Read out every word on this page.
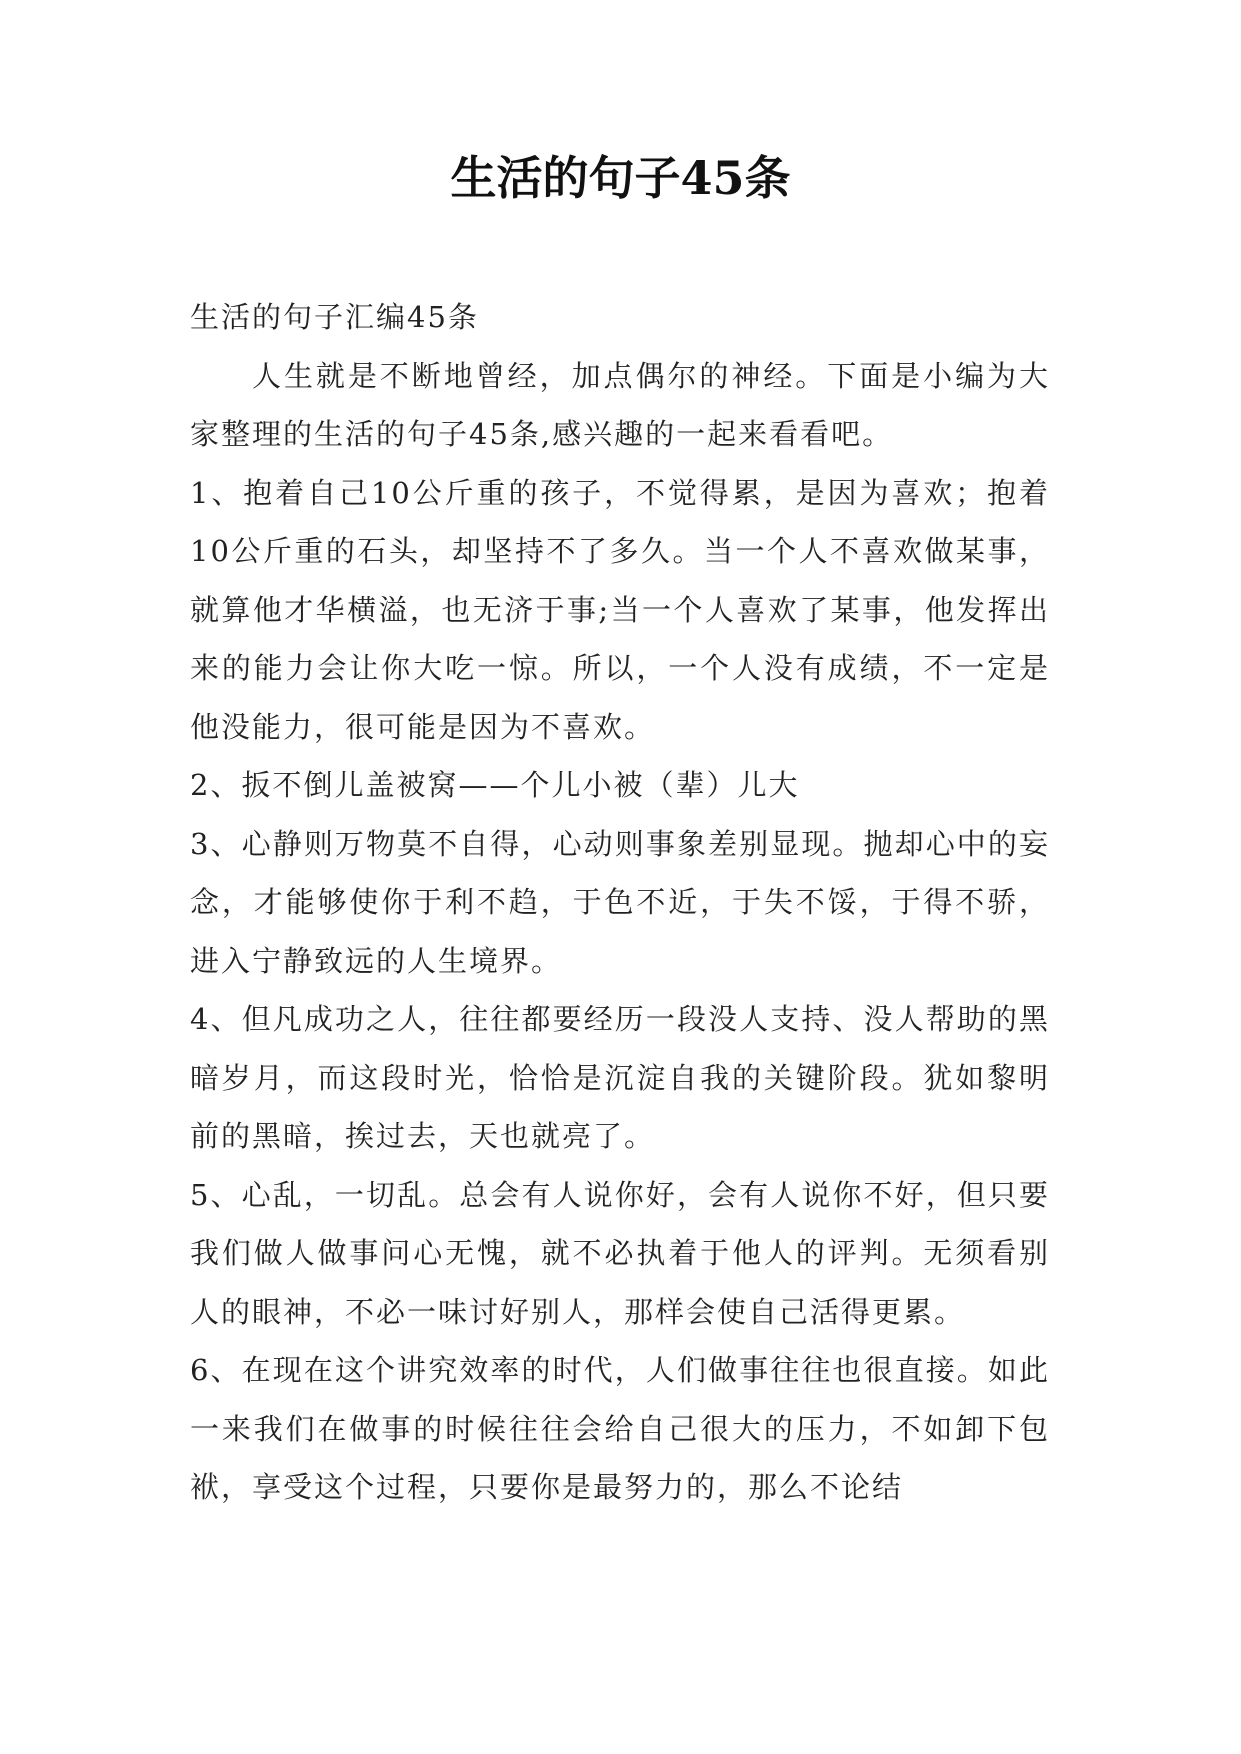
生活的句子45条

生活的句子汇编45条

人生就是不断地曾经，加点偶尔的神经。下面是小编为大家整理的生活的句子45条,感兴趣的一起来看看吧。

1、抱着自己10公斤重的孩子，不觉得累，是因为喜欢；抱着10公斤重的石头，却坚持不了多久。当一个人不喜欢做某事，就算他才华横溢，也无济于事;当一个人喜欢了某事，他发挥出来的能力会让你大吃一惊。所以，一个人没有成绩，不一定是他没能力，很可能是因为不喜欢。

2、扳不倒儿盖被窝——个儿小被（辈）儿大

3、心静则万物莫不自得，心动则事象差别显现。抛却心中的妄念，才能够使你于利不趋，于色不近，于失不馁，于得不骄，进入宁静致远的人生境界。

4、但凡成功之人，往往都要经历一段没人支持、没人帮助的黑暗岁月，而这段时光，恰恰是沉淀自我的关键阶段。犹如黎明前的黑暗，挨过去，天也就亮了。

5、心乱，一切乱。总会有人说你好，会有人说你不好，但只要我们做人做事问心无愧，就不必执着于他人的评判。无须看别人的眼神，不必一味讨好别人，那样会使自己活得更累。

6、在现在这个讲究效率的时代，人们做事往往也很直接。如此一来我们在做事的时候往往会给自己很大的压力，不如卸下包袱，享受这个过程，只要你是最努力的，那么不论结
